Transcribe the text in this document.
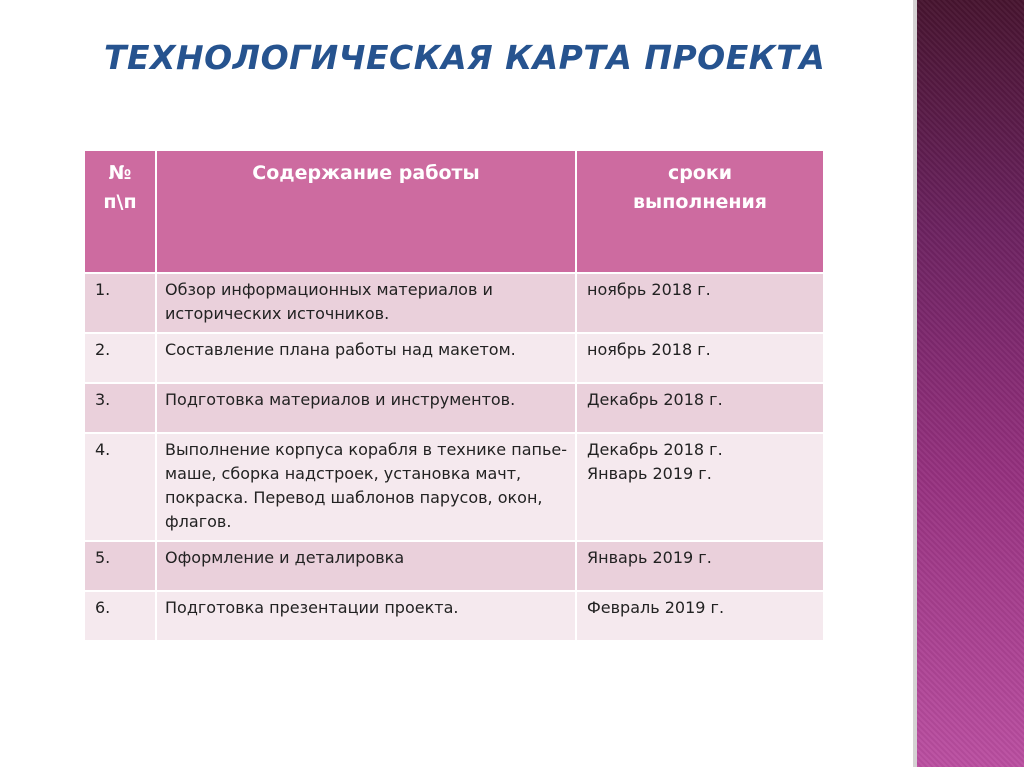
ТЕХНОЛОГИЧЕСКАЯ КАРТА ПРОЕКТА
№ п\п	Содержание работы	сроки выполнения
1.	Обзор информационных материалов и исторических источников.	ноябрь 2018 г.
2.	Составление плана работы над макетом.	ноябрь 2018 г.
3.	Подготовка материалов и инструментов.	Декабрь 2018 г.
4.	Выполнение корпуса корабля в технике папье-маше, сборка надстроек, установка мачт, покраска. Перевод шаблонов парусов, окон, флагов.	Декабрь 2018 г.
Январь 2019 г.
5.	Оформление и деталировка	Январь 2019 г.
6.	Подготовка презентации проекта.	Февраль 2019 г.
